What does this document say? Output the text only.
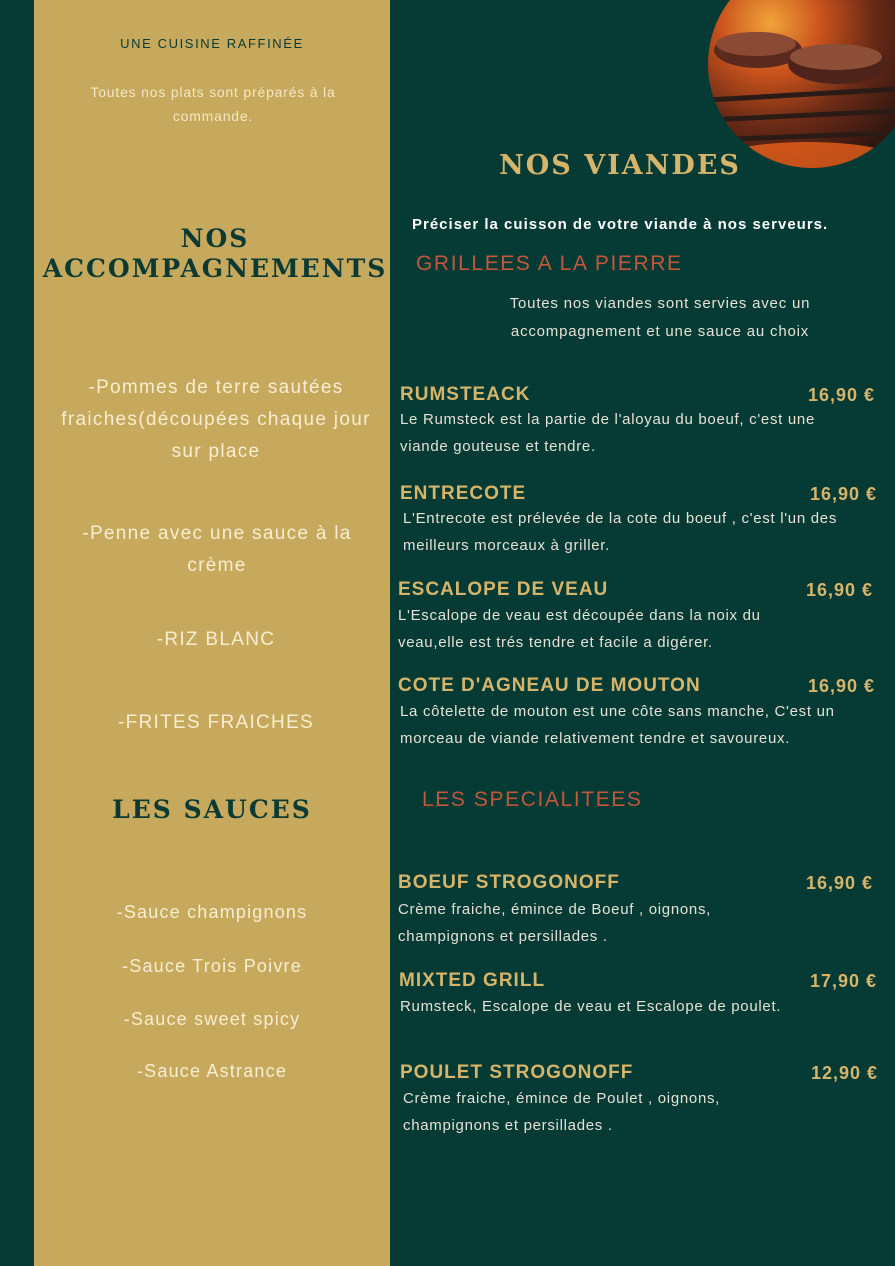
UNE CUISINE RAFFINÉE
Toutes nos plats sont préparés à la commande.
NOS
ACCOMPAGNEMENTS
-Pommes de terre sautées fraiches(découpées chaque jour sur place
-Penne avec une sauce à la crème
-RIZ BLANC
-FRITES FRAICHES
LES SAUCES
-Sauce champignons
-Sauce Trois Poivre
-Sauce sweet spicy
-Sauce Astrance
NOS VIANDES
Préciser la cuisson de votre viande à nos serveurs.
GRILLEES A LA PIERRE
Toutes nos viandes sont servies avec un accompagnement et une sauce au choix
RUMSTEACK	16,90 €
Le Rumsteck est la partie de l'aloyau du boeuf, c'est une viande gouteuse et tendre.
ENTRECOTE	16,90 €
L'Entrecote est prélevée de la cote du boeuf , c'est l'un des meilleurs morceaux à griller.
ESCALOPE DE VEAU	16,90 €
L'Escalope de veau est découpée dans la noix du veau,elle est trés tendre et facile a digérer.
COTE D'AGNEAU DE MOUTON	16,90 €
La côtelette de mouton est une côte sans manche, C'est un morceau de viande relativement tendre et savoureux.
LES SPECIALITEES
BOEUF STROGONOFF	16,90 €
Crème fraiche, émince de Boeuf , oignons, champignons et persillades .
MIXTED GRILL	17,90 €
Rumsteck, Escalope de veau et Escalope de poulet.
POULET STROGONOFF	12,90 €
Crème fraiche, émince de Poulet , oignons, champignons et persillades .
